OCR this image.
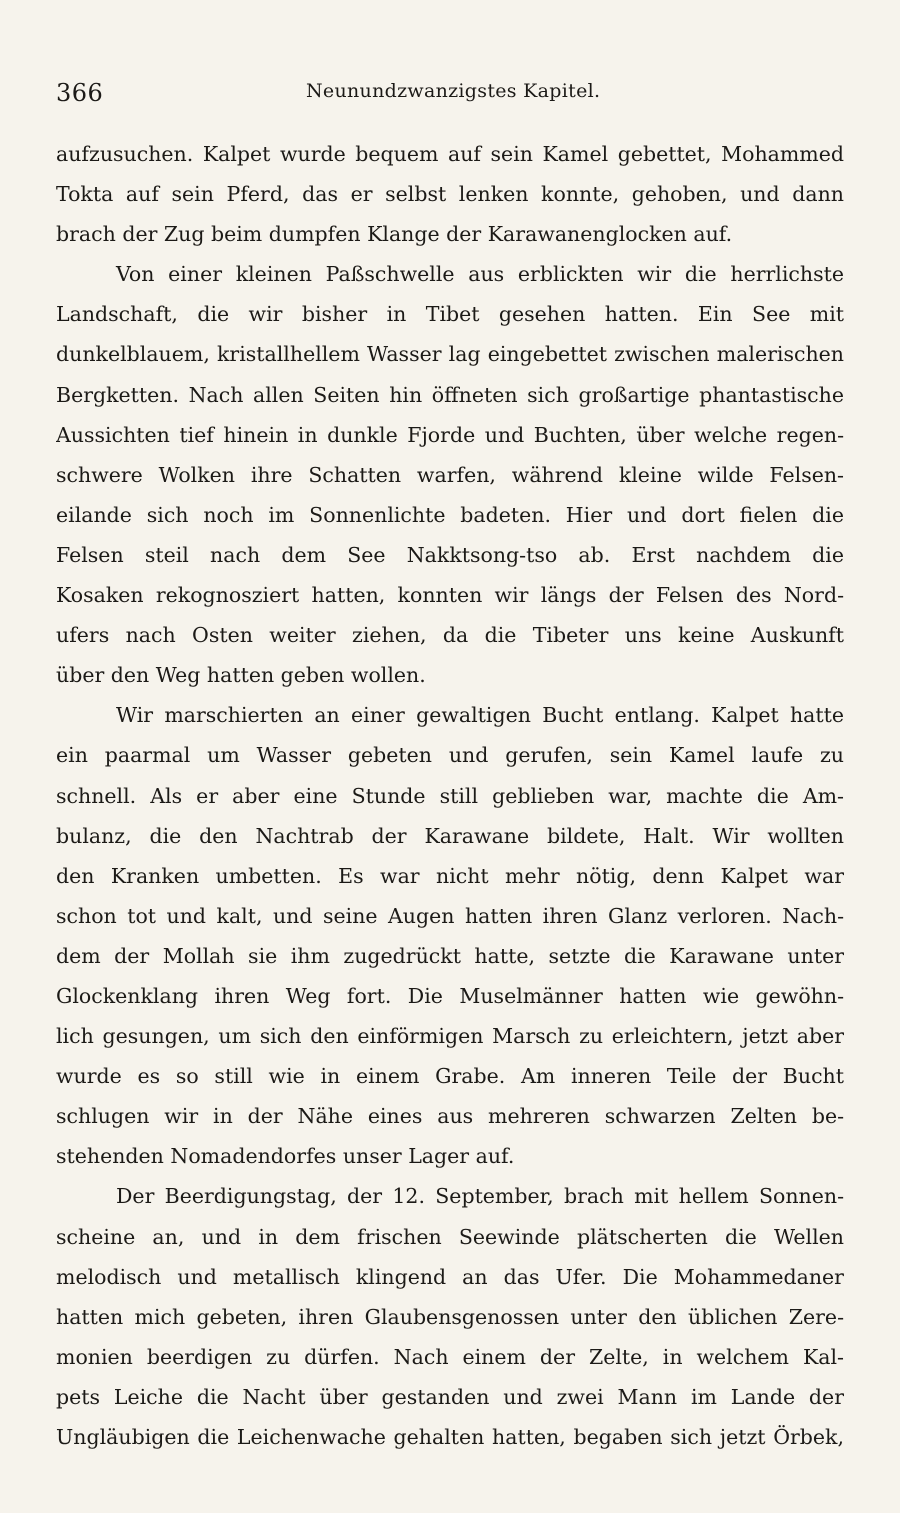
366	Neunundzwanzigstes Kapitel.
aufzusuchen. Kalpet wurde bequem auf sein Kamel gebettet, Mohammed
Tokta auf sein Pferd, das er selbst lenken konnte, gehoben, und dann
brach der Zug beim dumpfen Klange der Karawanenglocken auf.
Von einer kleinen Paßschwelle aus erblickten wir die herrlichste
Landschaft, die wir bisher in Tibet gesehen hatten. Ein See mit
dunkelblauem, kristallhellem Wasser lag eingebettet zwischen malerischen
Bergketten. Nach allen Seiten hin öffneten sich großartige phantastische
Aussichten tief hinein in dunkle Fjorde und Buchten, über welche regen-
schwere Wolken ihre Schatten warfen, während kleine wilde Felsen-
eilande sich noch im Sonnenlichte badeten. Hier und dort fielen die
Felsen steil nach dem See Nakktsong-tso ab. Erst nachdem die
Kosaken rekognosziert hatten, konnten wir längs der Felsen des Nord-
ufers nach Osten weiter ziehen, da die Tibeter uns keine Auskunft
über den Weg hatten geben wollen.
Wir marschierten an einer gewaltigen Bucht entlang. Kalpet hatte
ein paarmal um Wasser gebeten und gerufen, sein Kamel laufe zu
schnell. Als er aber eine Stunde still geblieben war, machte die Am-
bulanz, die den Nachtrab der Karawane bildete, Halt. Wir wollten
den Kranken umbetten. Es war nicht mehr nötig, denn Kalpet war
schon tot und kalt, und seine Augen hatten ihren Glanz verloren. Nach-
dem der Mollah sie ihm zugedrückt hatte, setzte die Karawane unter
Glockenklang ihren Weg fort. Die Muselmänner hatten wie gewöhn-
lich gesungen, um sich den einförmigen Marsch zu erleichtern, jetzt aber
wurde es so still wie in einem Grabe. Am inneren Teile der Bucht
schlugen wir in der Nähe eines aus mehreren schwarzen Zelten be-
stehenden Nomadendorfes unser Lager auf.
Der Beerdigungstag, der 12. September, brach mit hellem Sonnen-
scheine an, und in dem frischen Seewinde plätscherten die Wellen
melodisch und metallisch klingend an das Ufer. Die Mohammedaner
hatten mich gebeten, ihren Glaubensgenossen unter den üblichen Zere-
monien beerdigen zu dürfen. Nach einem der Zelte, in welchem Kal-
pets Leiche die Nacht über gestanden und zwei Mann im Lande der
Ungläubigen die Leichenwache gehalten hatten, begaben sich jetzt Örbek,
